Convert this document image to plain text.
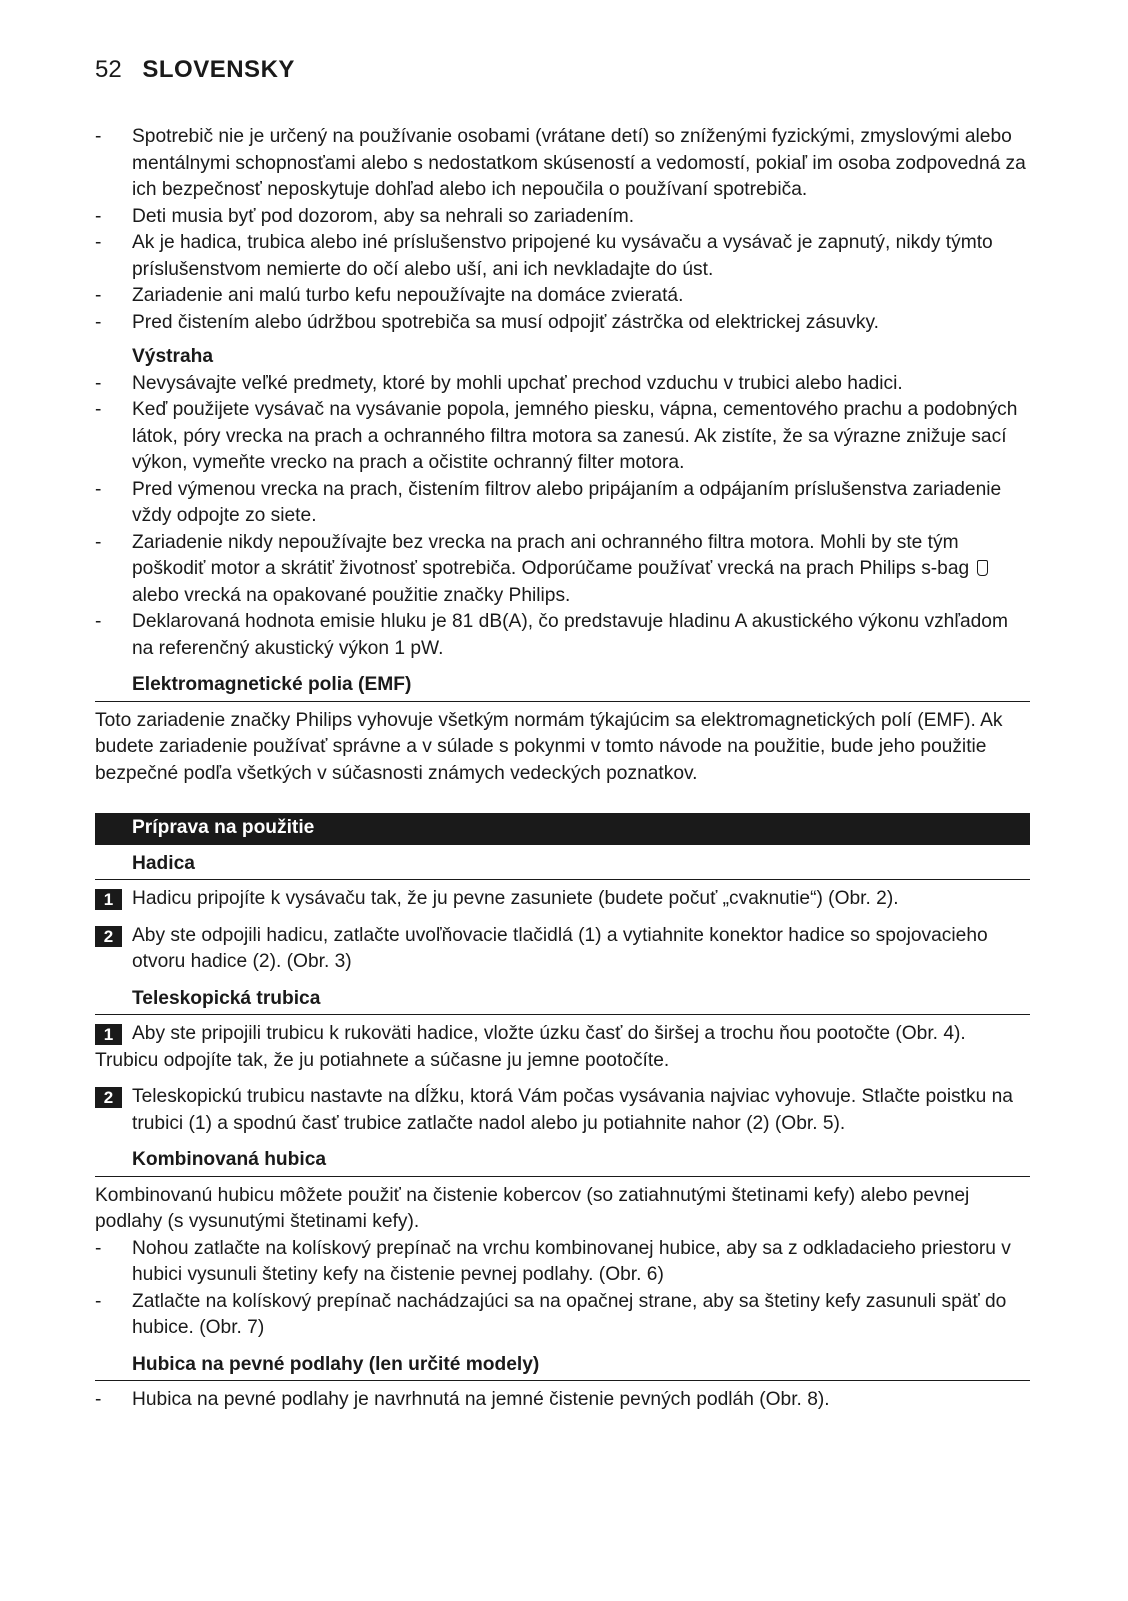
52 SLOVENSKY
- Spotrebič nie je určený na používanie osobami (vrátane detí) so zníženými fyzickými, zmyslovými alebo mentálnymi schopnosťami alebo s nedostatkom skúseností a vedomostí, pokiaľ im osoba zodpovedná za ich bezpečnosť neposkytuje dohľad alebo ich nepoučila o používaní spotrebiča.
- Deti musia byť pod dozorom, aby sa nehrali so zariadením.
- Ak je hadica, trubica alebo iné príslušenstvo pripojené ku vysávaču a vysávač je zapnutý, nikdy týmto príslušenstvom nemierte do očí alebo uší, ani ich nevkladajte do úst.
- Zariadenie ani malú turbo kefu nepoužívajte na domáce zvieratá.
- Pred čistením alebo údržbou spotrebiča sa musí odpojiť zástrčka od elektrickej zásuvky.
Výstraha
- Nevysávajte veľké predmety, ktoré by mohli upchať prechod vzduchu v trubici alebo hadici.
- Keď použijete vysávač na vysávanie popola, jemného piesku, vápna, cementového prachu a podobných látok, póry vrecka na prach a ochranného filtra motora sa zanesú. Ak zistíte, že sa výrazne znižuje sací výkon, vymeňte vrecko na prach a očistite ochranný filter motora.
- Pred výmenou vrecka na prach, čistením filtrov alebo pripájaním a odpájaním príslušenstva zariadenie vždy odpojte zo siete.
- Zariadenie nikdy nepoužívajte bez vrecka na prach ani ochranného filtra motora. Mohli by ste tým poškodiť motor a skrátiť životnosť spotrebiča. Odporúčame používať vrecká na prach Philips s-bag  alebo vrecká na opakované použitie značky Philips.
- Deklarovaná hodnota emisie hluku je 81 dB(A), čo predstavuje hladinu A akustického výkonu vzhľadom na referenčný akustický výkon 1 pW.
Elektromagnetické polia (EMF)

Toto zariadenie značky Philips vyhovuje všetkým normám týkajúcim sa elektromagnetických polí (EMF). Ak budete zariadenie používať správne a v súlade s pokynmi v tomto návode na použitie, bude jeho použitie bezpečné podľa všetkých v súčasnosti známych vedeckých poznatkov.

Príprava na použitie
Hadica
1 Hadicu pripojíte k vysávaču tak, že ju pevne zasuniete (budete počuť „cvaknutie“) (Obr. 2).
2 Aby ste odpojili hadicu, zatlačte uvoľňovacie tlačidlá (1) a vytiahnite konektor hadice so spojovacieho otvoru hadice (2). (Obr. 3)
Teleskopická trubica
1 Aby ste pripojili trubicu k rukoväti hadice, vložte úzku časť do širšej a trochu ňou pootočte (Obr. 4).

Trubicu odpojíte tak, že ju potiahnete a súčasne ju jemne pootočíte.

2 Teleskopickú trubicu nastavte na dĺžku, ktorá Vám počas vysávania najviac vyhovuje. Stlačte poistku na trubici (1) a spodnú časť trubice zatlačte nadol alebo ju potiahnite nahor (2) (Obr. 5).
Kombinovaná hubica

Kombinovanú hubicu môžete použiť na čistenie kobercov (so zatiahnutými štetinami kefy) alebo pevnej podlahy (s vysunutými štetinami kefy).

- Nohou zatlačte na kolískový prepínač na vrchu kombinovanej hubice, aby sa z odkladacieho priestoru v hubici vysunuli štetiny kefy na čistenie pevnej podlahy. (Obr. 6)
- Zatlačte na kolískový prepínač nachádzajúci sa na opačnej strane, aby sa štetiny kefy zasunuli späť do hubice. (Obr. 7)
Hubica na pevné podlahy (len určité modely)
- Hubica na pevné podlahy je navrhnutá na jemné čistenie pevných podláh (Obr. 8).
